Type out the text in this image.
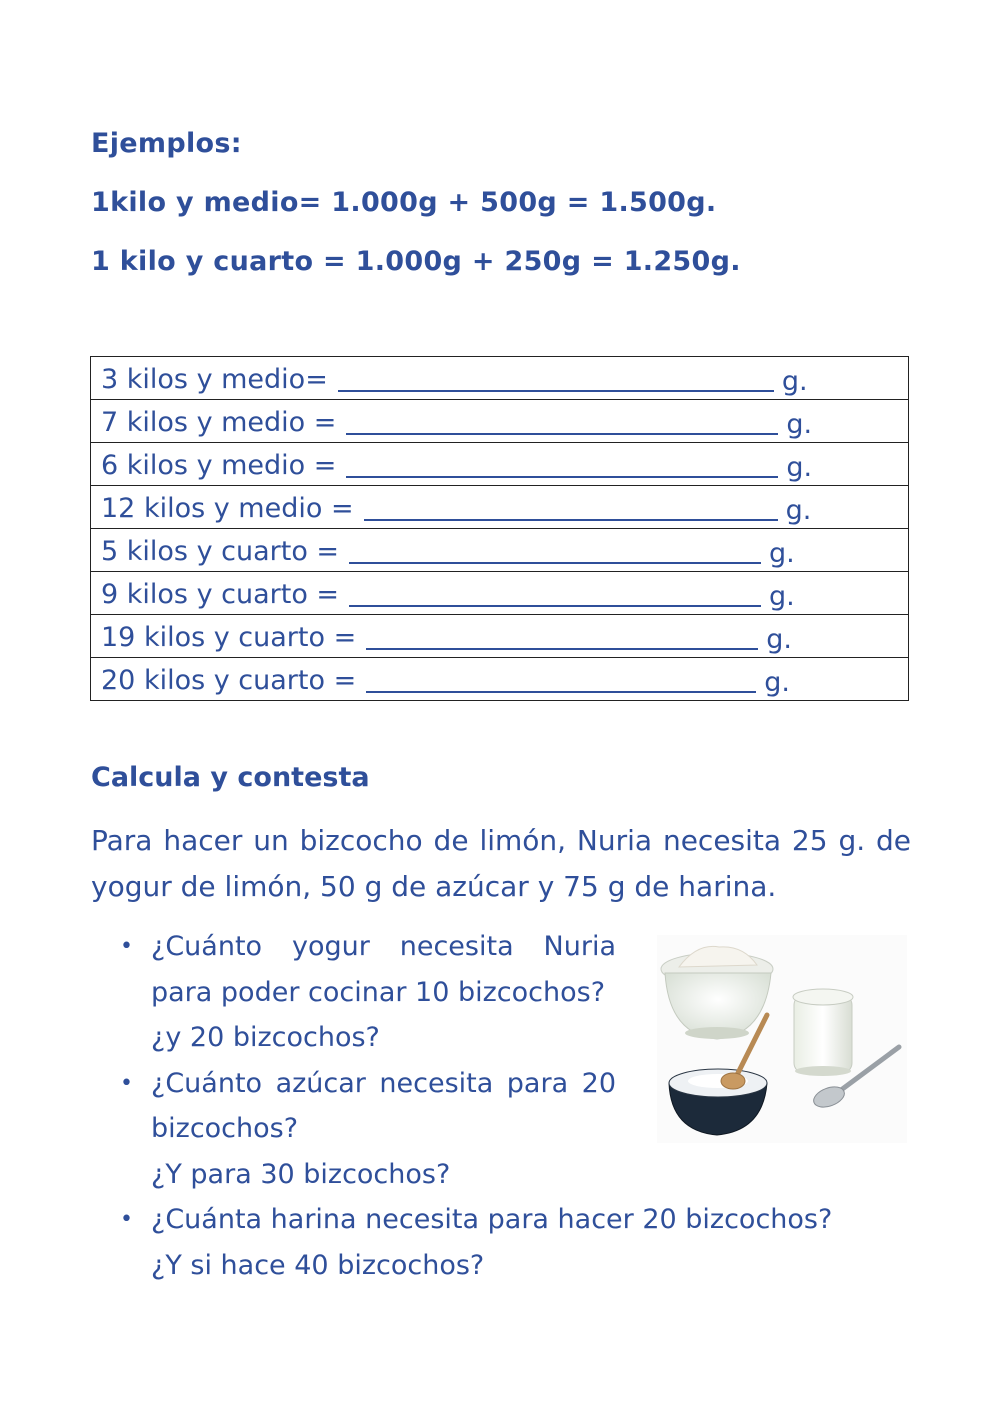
Ejemplos:
1kilo y medio= 1.000g + 500g = 1.500g.
1 kilo y cuarto = 1.000g + 250g = 1.250g.
3 kilos y medio=	g.

7 kilos y medio =	g.

6 kilos y medio =	g.

12 kilos y medio =	g.

5 kilos y cuarto =	g.

9 kilos y cuarto =	g.

19 kilos y cuarto =	g.

20 kilos y cuarto =	g.
Calcula y contesta
Para hacer un bizcocho de limón, Nuria necesita 25 g. de yogur de limón, 50 g de azúcar y 75 g de harina.
• ¿Cuánto yogur necesita Nuria para poder cocinar 10 bizcochos?
¿y 20 bizcochos?
• ¿Cuánto azúcar necesita para 20 bizcochos?
¿Y para 30 bizcochos?
• ¿Cuánta harina necesita para hacer 20 bizcochos?
¿Y si hace 40 bizcochos?
